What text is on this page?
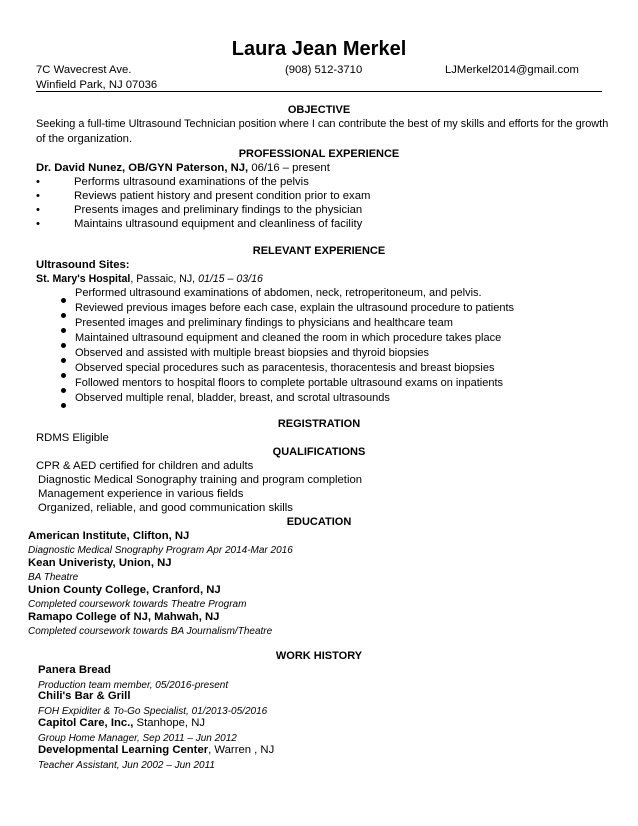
Laura Jean Merkel
7C Wavecrest Ave.
Winfield Park, NJ 07036
(908) 512-3710	LJMerkel2014@gmail.com
OBJECTIVE
Seeking a full-time Ultrasound Technician position where I can contribute the best of my skills and efforts for the growth
of the organization.
PROFESSIONAL EXPERIENCE
Dr. David Nunez, OB/GYN Paterson, NJ, 06/16 – present
•	Performs ultrasound examinations of the pelvis
•	Reviews patient history and present condition prior to exam
•	Presents images and preliminary findings to the physician
•	Maintains ultrasound equipment and cleanliness of facility
RELEVANT EXPERIENCE
Ultrasound Sites:
St. Mary's Hospital, Passaic, NJ, 01/15 – 03/16
Performed ultrasound examinations of abdomen, neck, retroperitoneum, and pelvis.
Reviewed previous images before each case, explain the ultrasound procedure to patients
Presented images and preliminary findings to physicians and healthcare team
Maintained ultrasound equipment and cleaned the room in which procedure takes place
Observed and assisted with multiple breast biopsies and thyroid biopsies
Observed special procedures such as paracentesis, thoracentesis and breast biopsies
Followed mentors to hospital floors to complete portable ultrasound exams on inpatients
Observed multiple renal, bladder, breast, and scrotal ultrasounds
REGISTRATION
RDMS Eligible
QUALIFICATIONS
CPR & AED certified for children and adults
Diagnostic Medical Sonography training and program completion
Management experience in various fields
Organized, reliable, and good communication skills
EDUCATION
American Institute, Clifton, NJ
Diagnostic Medical Snography Program Apr 2014-Mar 2016
Kean Univeristy, Union, NJ
BA Theatre
Union County College, Cranford, NJ
Completed coursework towards Theatre Program
Ramapo College of NJ, Mahwah, NJ
Completed coursework towards BA Journalism/Theatre
WORK HISTORY
Panera Bread
Production team member, 05/2016-present
Chili's Bar & Grill
FOH Expiditer & To-Go Specialist, 01/2013-05/2016
Capitol Care, Inc., Stanhope, NJ
Group Home Manager, Sep 2011 – Jun 2012
Developmental Learning Center, Warren , NJ
Teacher Assistant, Jun 2002 – Jun 2011
